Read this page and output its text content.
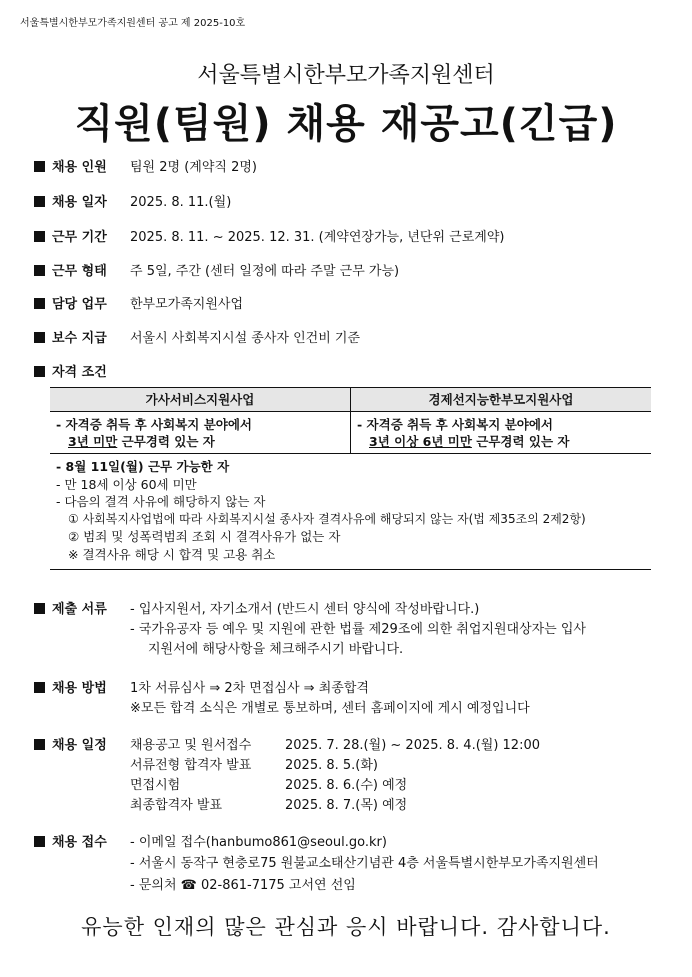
서울특별시한부모가족지원센터 공고 제 2025-10호
서울특별시한부모가족지원센터
직원(팀원) 채용 재공고(긴급)
채용 인원 팀원 2명 (계약직 2명)
채용 일자 2025. 8. 11.(월)
근무 기간 2025. 8. 11. ~ 2025. 12. 31. (계약연장가능, 년단위 근로계약)
근무 형태 주 5일, 주간 (센터 일정에 따라 주말 근무 가능)
담당 업무 한부모가족지원사업
보수 지급 서울시 사회복지시설 종사자 인건비 기준
자격 조건
가사서비스지원사업	경제선지능한부모지원사업
- 자격증 취득 후 사회복지 분야에서
3년 미만 근무경력 있는 자
- 자격증 취득 후 사회복지 분야에서
3년 이상 6년 미만 근무경력 있는 자
- 8월 11일(월) 근무 가능한 자
- 만 18세 이상 60세 미만
- 다음의 결격 사유에 해당하지 않는 자
① 사회복지사업법에 따라 사회복지시설 종사자 결격사유에 해당되지 않는 자(법 제35조의 2제2항)
② 범죄 및 성폭력범죄 조회 시 결격사유가 없는 자
※ 결격사유 해당 시 합격 및 고용 취소
제출 서류 - 입사지원서, 자기소개서 (반드시 센터 양식에 작성바랍니다.)
- 국가유공자 등 예우 및 지원에 관한 법률 제29조에 의한 취업지원대상자는 입사
지원서에 해당사항을 체크해주시기 바랍니다.
채용 방법 1차 서류심사 ⇒ 2차 면접심사 ⇒ 최종합격
※모든 합격 소식은 개별로 통보하며, 센터 홈페이지에 게시 예정입니다
채용 일정	채용공고 및 원서접수	2025. 7. 28.(월) ~ 2025. 8. 4.(월) 12:00
서류전형 합격자 발표	2025. 8. 5.(화)
면접시험	2025. 8. 6.(수) 예정
최종합격자 발표	2025. 8. 7.(목) 예정
채용 접수 - 이메일 접수(hanbumo861@seoul.go.kr)
- 서울시 동작구 현충로75 원불교소태산기념관 4층 서울특별시한부모가족지원센터
- 문의처 ☎ 02-861-7175 고서연 선임
유능한 인재의 많은 관심과 응시 바랍니다. 감사합니다.
